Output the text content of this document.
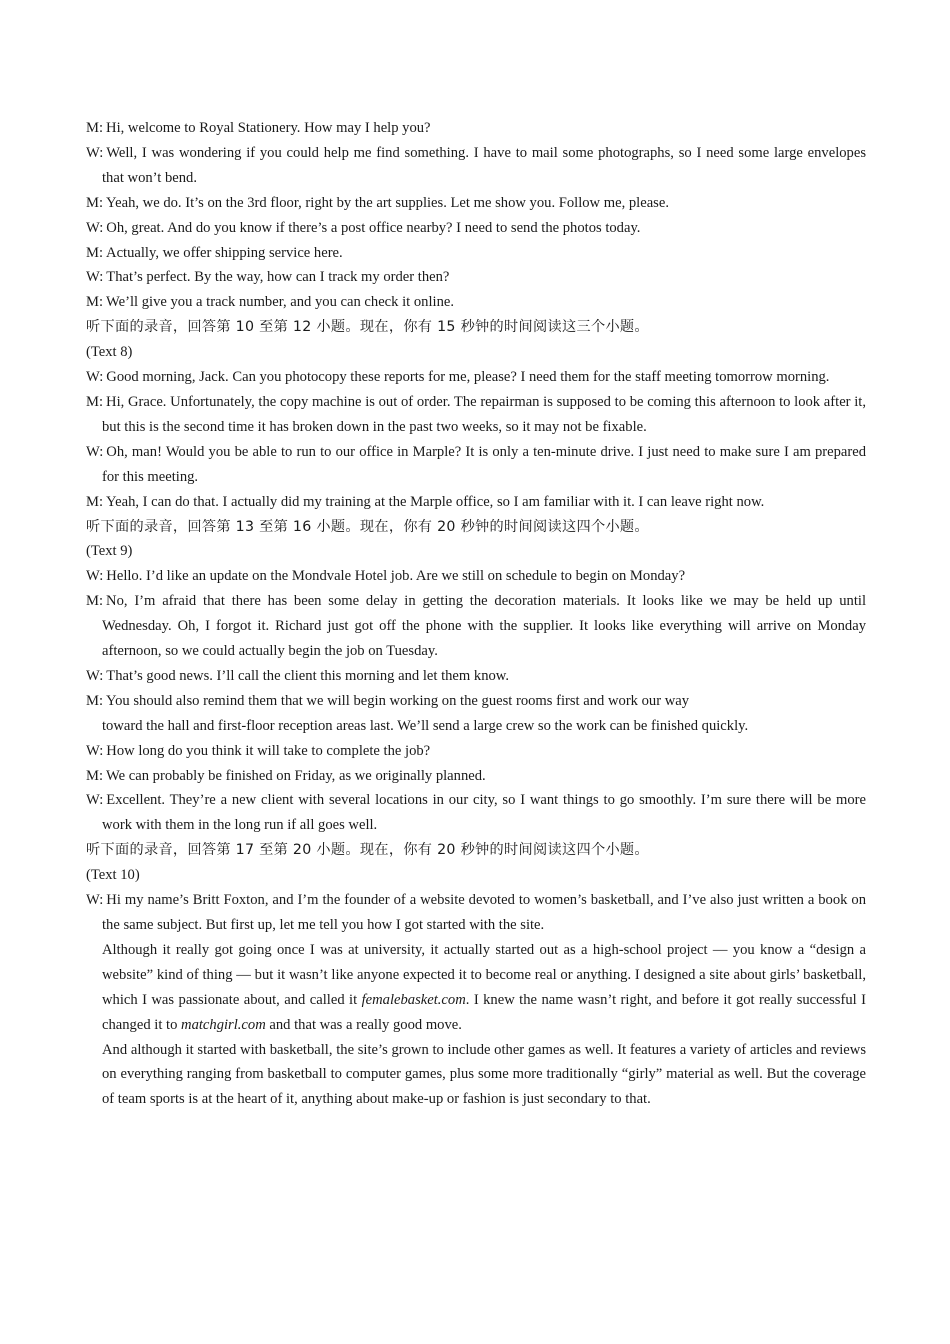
M: Hi, welcome to Royal Stationery. How may I help you?

W: Well, I was wondering if you could help me find something. I have to mail some photographs, so I need some large envelopes that won’t bend.

M: Yeah, we do. It’s on the 3rd floor, right by the art supplies. Let me show you. Follow me, please.

W: Oh, great. And do you know if there’s a post office nearby? I need to send the photos today.

M: Actually, we offer shipping service here.

W: That’s perfect. By the way, how can I track my order then?

M: We’ll give you a track number, and you can check it online.

听下面的录音，回答第 10 至第 12 小题。现在，你有 15 秒钟的时间阅读这三个小题。

(Text 8)

W: Good morning, Jack. Can you photocopy these reports for me, please? I need them for the staff meeting tomorrow morning.

M: Hi, Grace. Unfortunately, the copy machine is out of order. The repairman is supposed to be coming this afternoon to look after it, but this is the second time it has broken down in the past two weeks, so it may not be fixable.

W: Oh, man! Would you be able to run to our office in Marple? It is only a ten-minute drive. I just need to make sure I am prepared for this meeting.

M: Yeah, I can do that. I actually did my training at the Marple office, so I am familiar with it. I can leave right now.

听下面的录音，回答第 13 至第 16 小题。现在，你有 20 秒钟的时间阅读这四个小题。

(Text 9)

W: Hello. I’d like an update on the Mondvale Hotel job. Are we still on schedule to begin on Monday?

M: No, I’m afraid that there has been some delay in getting the decoration materials. It looks like we may be held up until Wednesday. Oh, I forgot it. Richard just got off the phone with the supplier. It looks like everything will arrive on Monday afternoon, so we could actually begin the job on Tuesday.

W: That’s good news. I’ll call the client this morning and let them know.

M: You should also remind them that we will begin working on the guest rooms first and work our way

toward the hall and first-floor reception areas last. We’ll send a large crew so the work can be finished quickly.

W: How long do you think it will take to complete the job?

M: We can probably be finished on Friday, as we originally planned.

W: Excellent. They’re a new client with several locations in our city, so I want things to go smoothly. I’m sure there will be more work with them in the long run if all goes well.

听下面的录音，回答第 17 至第 20 小题。现在，你有 20 秒钟的时间阅读这四个小题。

(Text 10)

W: Hi my name’s Britt Foxton, and I’m the founder of a website devoted to women’s basketball, and I’ve also just written a book on the same subject. But first up, let me tell you how I got started with the site.

Although it really got going once I was at university, it actually started out as a high-school project — you know a “design a website” kind of thing — but it wasn’t like anyone expected it to become real or anything. I designed a site about girls’ basketball, which I was passionate about, and called it femalebasket.com. I knew the name wasn’t right, and before it got really successful I changed it to matchgirl.com and that was a really good move.

And although it started with basketball, the site’s grown to include other games as well. It features a variety of articles and reviews on everything ranging from basketball to computer games, plus some more traditionally “girly” material as well. But the coverage of team sports is at the heart of it, anything about make-up or fashion is just secondary to that.
